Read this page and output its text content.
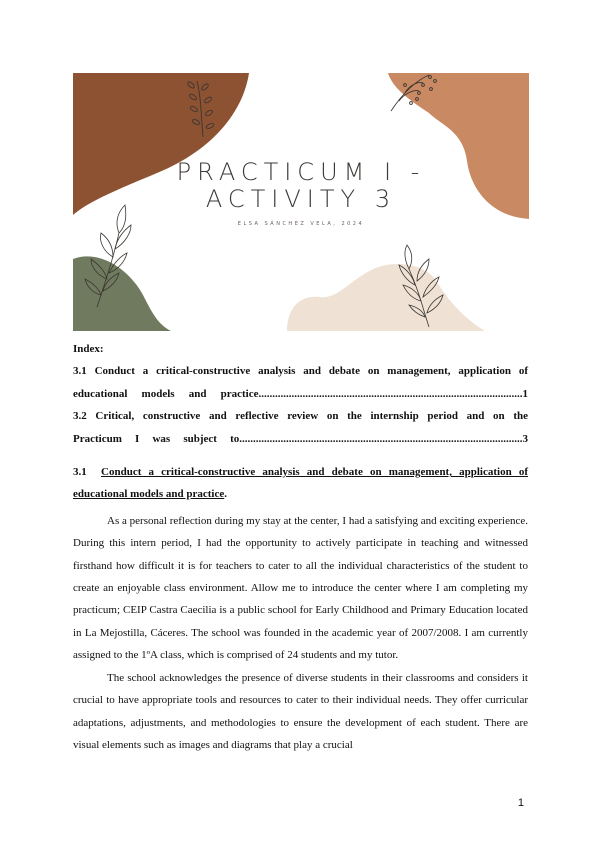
PRACTICUM I -
ACTIVITY 3
ELSA SÁNCHEZ VELA, 2024

Index:

3.1 Conduct a critical-constructive analysis and debate on management, application of

educational models and practice................................................................................................1

3.2 Critical, constructive and reflective review on the internship period and on the

Practicum I was subject to.......................................................................................................3

3.1 Conduct a critical-constructive analysis and debate on management, application of

educational models and practice.

As a personal reflection during my stay at the center, I had a satisfying and exciting experience. During this intern period, I had the opportunity to actively participate in teaching and witnessed firsthand how difficult it is for teachers to cater to all the individual characteristics of the student to create an enjoyable class environment. Allow me to introduce the center where I am completing my practicum; CEIP Castra Caecilia is a public school for Early Childhood and Primary Education located in La Mejostilla, Cáceres. The school was founded in the academic year of 2007/2008. I am currently assigned to the 1ºA class, which is comprised of 24 students and my tutor.

The school acknowledges the presence of diverse students in their classrooms and considers it crucial to have appropriate tools and resources to cater to their individual needs. They offer curricular adaptations, adjustments, and methodologies to ensure the development of each student. There are visual elements such as images and diagrams that play a crucial

1
